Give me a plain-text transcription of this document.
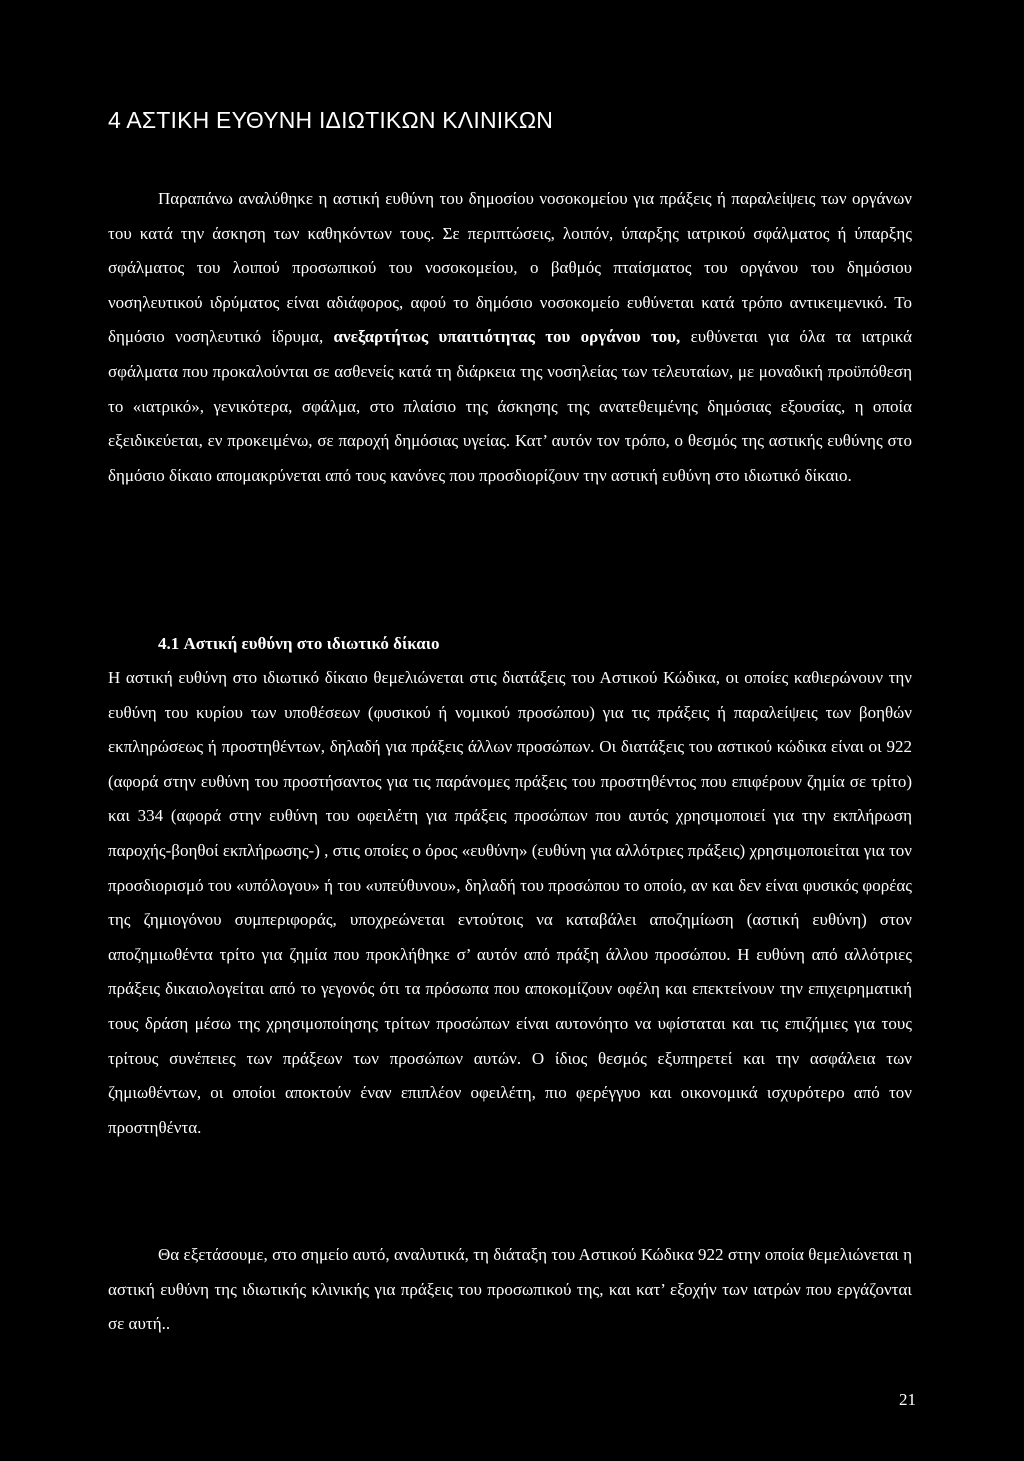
4 ΑΣΤΙΚΗ ΕΥΘΥΝΗ ΙΔΙΩΤΙΚΩΝ ΚΛΙΝΙΚΩΝ

Παραπάνω αναλύθηκε η αστική ευθύνη του δημοσίου νοσοκομείου για πράξεις ή παραλείψεις των οργάνων του κατά την άσκηση των καθηκόντων τους. Σε περιπτώσεις, λοιπόν, ύπαρξης ιατρικού σφάλματος ή ύπαρξης σφάλματος του λοιπού προσωπικού του νοσοκομείου, ο βαθμός πταίσματος του οργάνου του δημόσιου νοσηλευτικού ιδρύματος είναι αδιάφορος, αφού το δημόσιο νοσοκομείο ευθύνεται κατά τρόπο αντικειμενικό. Το δημόσιο νοσηλευτικό ίδρυμα, ανεξαρτήτως υπαιτιότητας του οργάνου του, ευθύνεται για όλα τα ιατρικά σφάλματα που προκαλούνται σε ασθενείς κατά τη διάρκεια της νοσηλείας των τελευταίων, με μοναδική προϋπόθεση το «ιατρικό», γενικότερα, σφάλμα, στο πλαίσιο της άσκησης της ανατεθειμένης δημόσιας εξουσίας, η οποία εξειδικεύεται, εν προκειμένω, σε παροχή δημόσιας υγείας. Κατ’ αυτόν τον τρόπο, ο θεσμός της αστικής ευθύνης στο δημόσιο δίκαιο απομακρύνεται από τους κανόνες που προσδιορίζουν την αστική ευθύνη στο ιδιωτικό δίκαιο.

4.1 Αστική ευθύνη στο ιδιωτικό δίκαιο

Η αστική ευθύνη στο ιδιωτικό δίκαιο θεμελιώνεται στις διατάξεις του Αστικού Κώδικα, οι οποίες καθιερώνουν την ευθύνη του κυρίου των υποθέσεων (φυσικού ή νομικού προσώπου) για τις πράξεις ή παραλείψεις των βοηθών εκπληρώσεως ή προστηθέντων, δηλαδή για πράξεις άλλων προσώπων. Οι διατάξεις του αστικού κώδικα είναι οι 922 (αφορά στην ευθύνη του προστήσαντος για τις παράνομες πράξεις του προστηθέντος που επιφέρουν ζημία σε τρίτο) και 334 (αφορά στην ευθύνη του οφειλέτη για πράξεις προσώπων που αυτός χρησιμοποιεί για την εκπλήρωση παροχής-βοηθοί εκπλήρωσης-) , στις οποίες ο όρος «ευθύνη» (ευθύνη για αλλότριες πράξεις) χρησιμοποιείται για τον προσδιορισμό του «υπόλογου» ή του «υπεύθυνου», δηλαδή του προσώπου το οποίο, αν και δεν είναι φυσικός φορέας της ζημιογόνου συμπεριφοράς, υποχρεώνεται εντούτοις να καταβάλει αποζημίωση (αστική ευθύνη) στον αποζημιωθέντα τρίτο για ζημία που προκλήθηκε σ’ αυτόν από πράξη άλλου προσώπου. Η ευθύνη από αλλότριες πράξεις δικαιολογείται από το γεγονός ότι τα πρόσωπα που αποκομίζουν οφέλη και επεκτείνουν την επιχειρηματική τους δράση μέσω της χρησιμοποίησης τρίτων προσώπων είναι αυτονόητο να υφίσταται και τις επιζήμιες για τους τρίτους συνέπειες των πράξεων των προσώπων αυτών. Ο ίδιος θεσμός εξυπηρετεί και την ασφάλεια των ζημιωθέντων, οι οποίοι αποκτούν έναν επιπλέον οφειλέτη, πιο φερέγγυο και οικονομικά ισχυρότερο από τον προστηθέντα.

Θα εξετάσουμε, στο σημείο αυτό, αναλυτικά, τη διάταξη του Αστικού Κώδικα 922 στην οποία θεμελιώνεται η αστική ευθύνη της ιδιωτικής κλινικής για πράξεις του προσωπικού της, και κατ’ εξοχήν των ιατρών που εργάζονται σε αυτή..

21
